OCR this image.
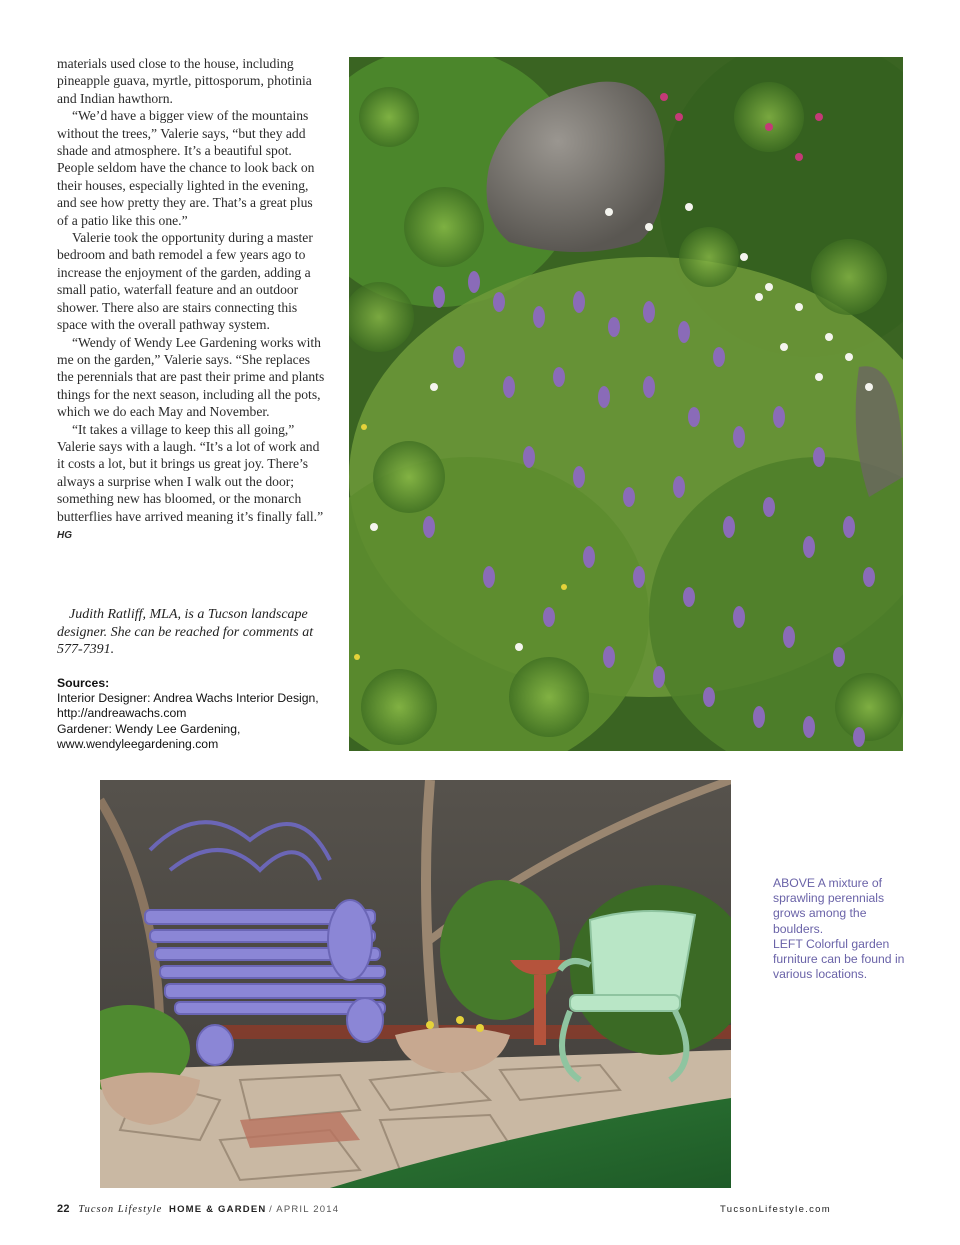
materials used close to the house, including pineapple guava, myrtle, pittosporum, photinia and Indian hawthorn.

“We’d have a bigger view of the mountains without the trees,” Valerie says, “but they add shade and atmosphere. It’s a beautiful spot. People seldom have the chance to look back on their houses, especially lighted in the evening, and see how pretty they are. That’s a great plus of a patio like this one.”

Valerie took the opportunity during a master bedroom and bath remodel a few years ago to increase the enjoyment of the garden, adding a small patio, waterfall feature and an outdoor shower. There also are stairs connecting this space with the overall pathway system.

“Wendy of Wendy Lee Gardening works with me on the garden,” Valerie says. “She replaces the perennials that are past their prime and plants things for the next season, including all the pots, which we do each May and November.

“It takes a village to keep this all going,” Valerie says with a laugh. “It’s a lot of work and it costs a lot, but it brings us great joy. There’s always a surprise when I walk out the door; something new has bloomed, or the monarch butterflies have arrived meaning it’s finally fall.” HG

Judith Ratliff, MLA, is a Tucson landscape designer. She can be reached for comments at 577-7391.

Sources:
Interior Designer: Andrea Wachs Interior Design,
http://andreawachs.com
Gardener: Wendy Lee Gardening,
www.wendyleegardening.com
ABOVE A mixture of sprawling perennials grows among the boulders.
LEFT Colorful garden furniture can be found in various locations.
22 Tucson Lifestyle HOME & GARDEN / APRIL 2014	TucsonLifestyle.com
